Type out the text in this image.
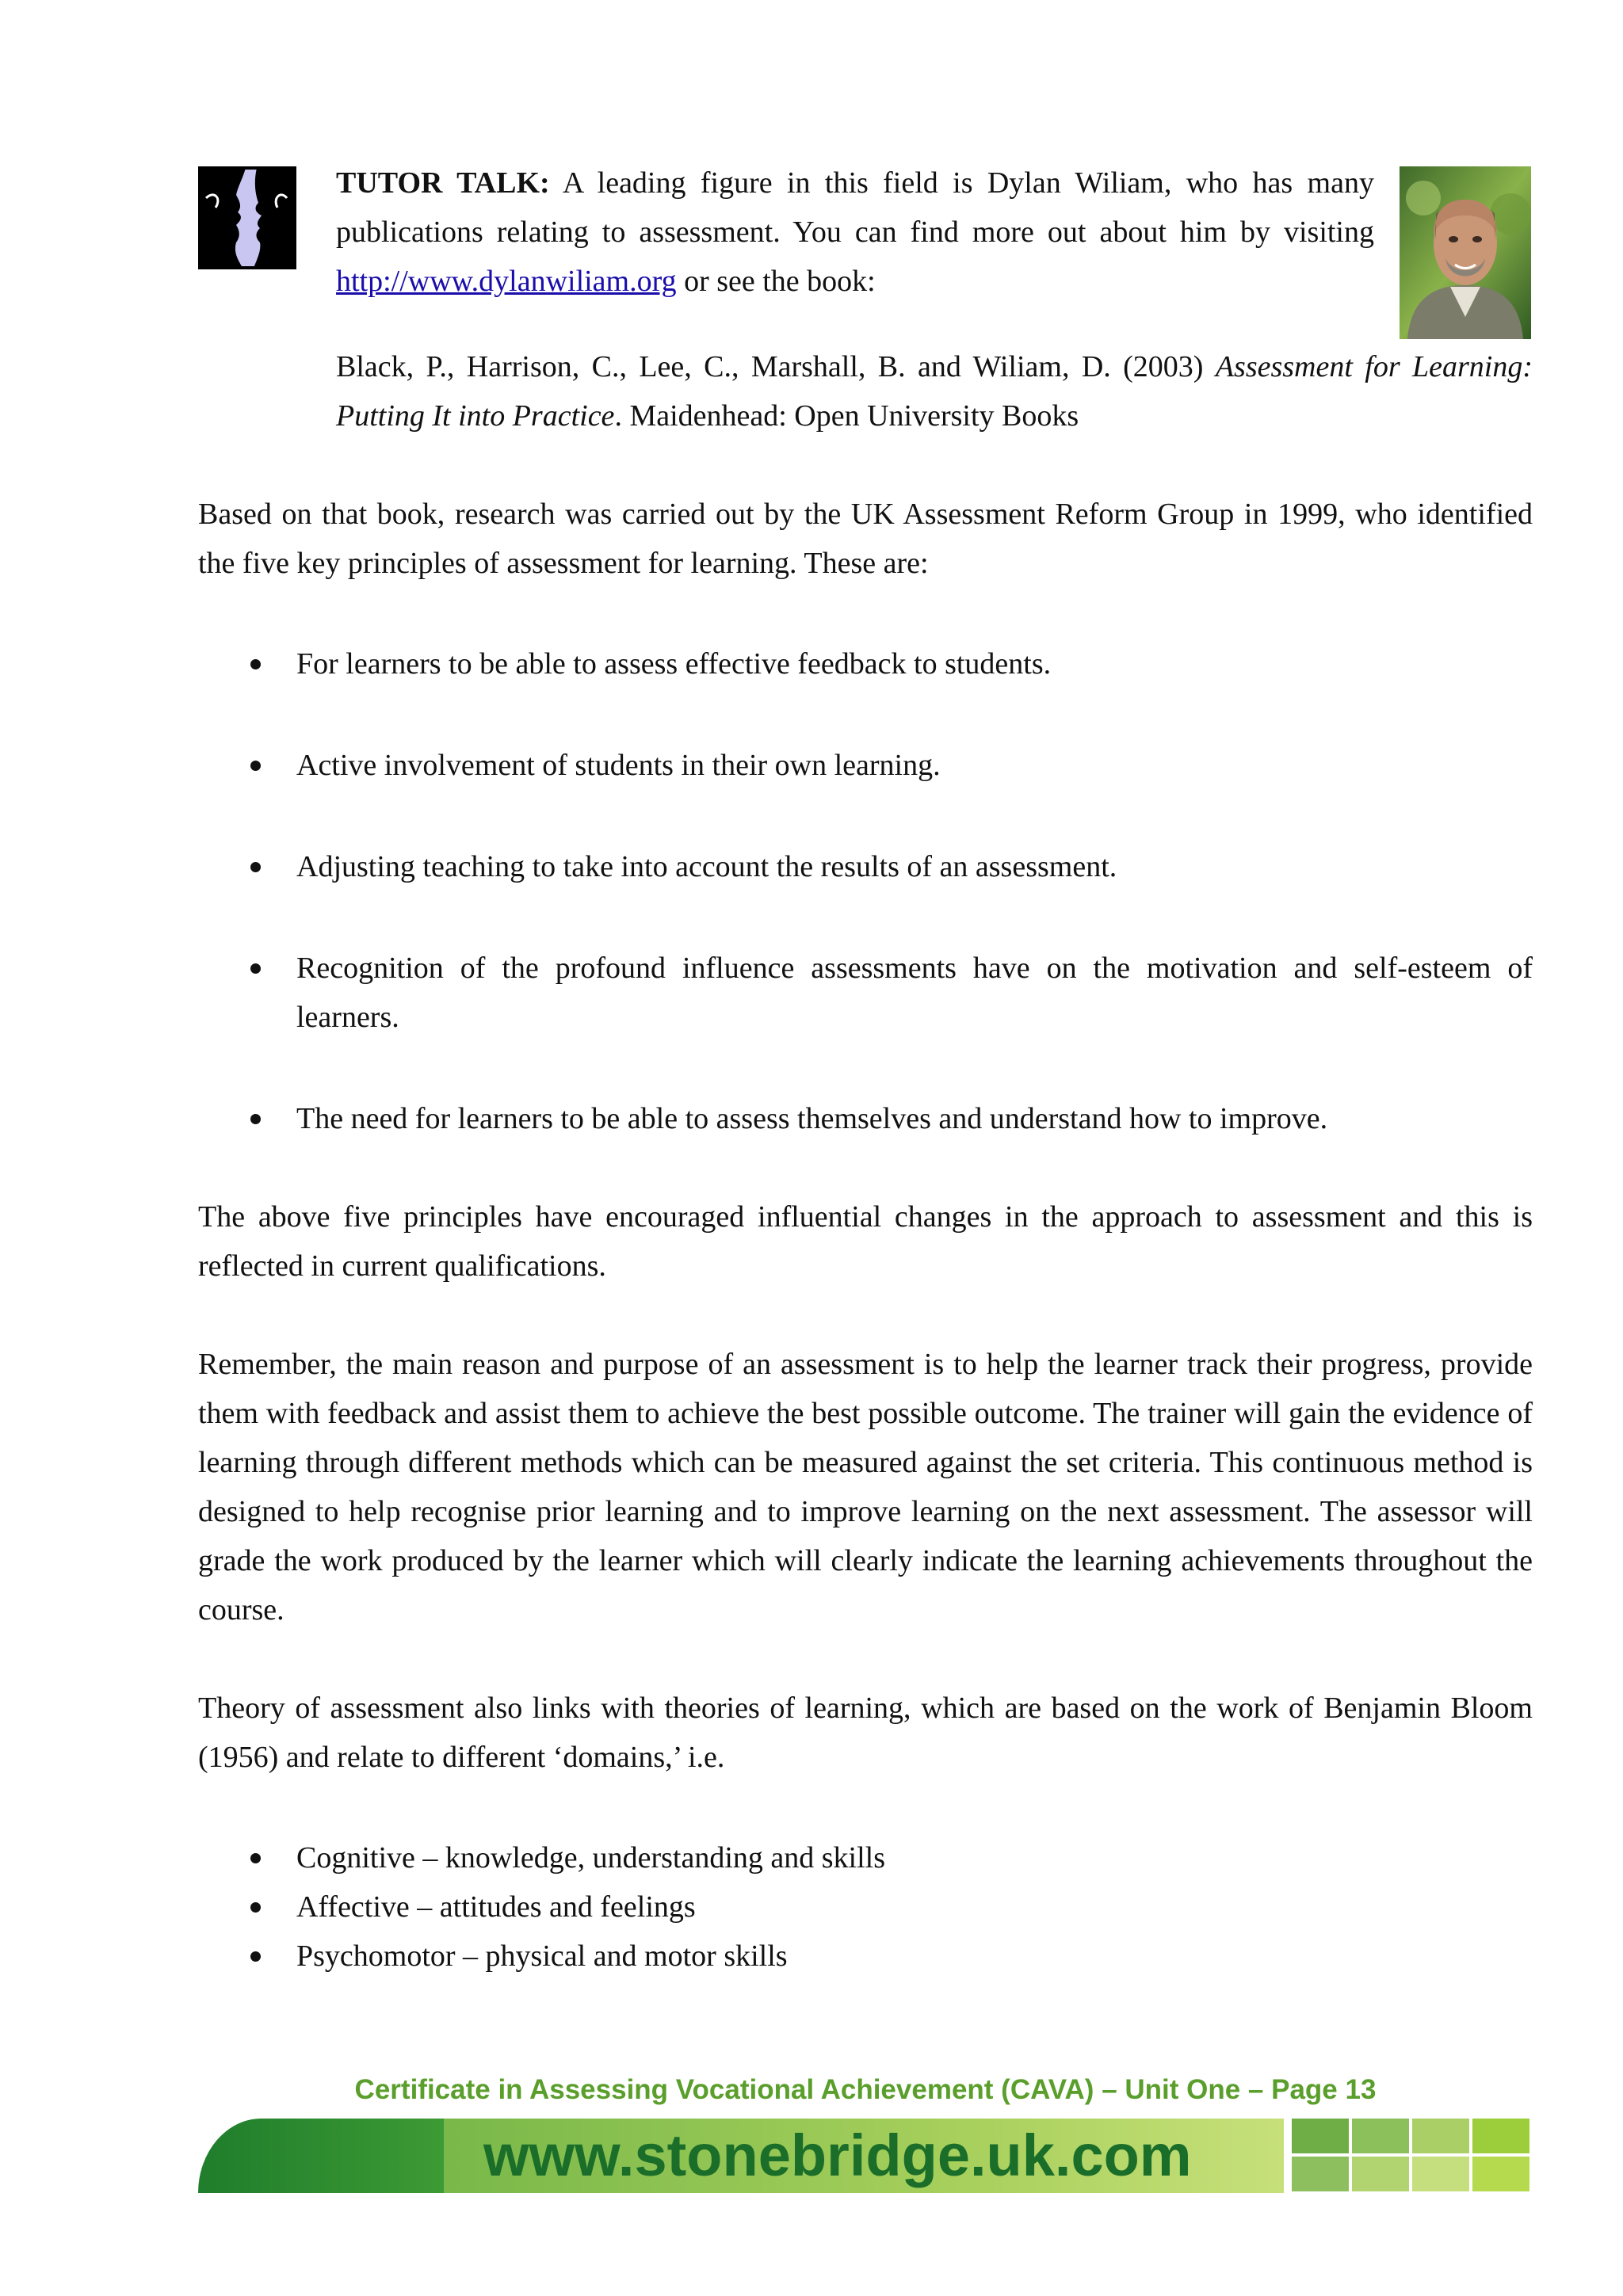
TUTOR TALK: A leading figure in this field is Dylan Wiliam, who has many publications relating to assessment. You can find more out about him by visiting http://www.dylanwiliam.org or see the book:

Black, P., Harrison, C., Lee, C., Marshall, B. and Wiliam, D. (2003) Assessment for Learning: Putting It into Practice. Maidenhead: Open University Books

Based on that book, research was carried out by the UK Assessment Reform Group in 1999, who identified the five key principles of assessment for learning. These are:

For learners to be able to assess effective feedback to students.
Active involvement of students in their own learning.
Adjusting teaching to take into account the results of an assessment.
Recognition of the profound influence assessments have on the motivation and self-esteem of learners.
The need for learners to be able to assess themselves and understand how to improve.

The above five principles have encouraged influential changes in the approach to assessment and this is reflected in current qualifications.

Remember, the main reason and purpose of an assessment is to help the learner track their progress, provide them with feedback and assist them to achieve the best possible outcome. The trainer will gain the evidence of learning through different methods which can be measured against the set criteria. This continuous method is designed to help recognise prior learning and to improve learning on the next assessment. The assessor will grade the work produced by the learner which will clearly indicate the learning achievements throughout the course.

Theory of assessment also links with theories of learning, which are based on the work of Benjamin Bloom (1956) and relate to different ‘domains,’ i.e.

Cognitive – knowledge, understanding and skills
Affective – attitudes and feelings
Psychomotor – physical and motor skills
Certificate in Assessing Vocational Achievement (CAVA) – Unit One – Page 13
www.stonebridge.uk.com
